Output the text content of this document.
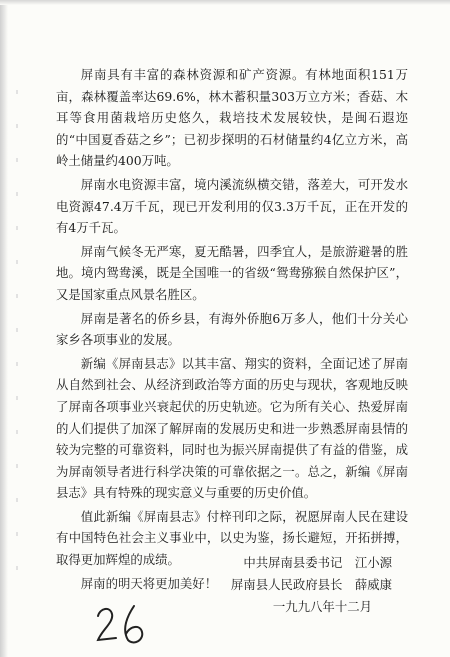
屏南具有丰富的森林资源和矿产资源。有林地面积151万亩，森林覆盖率达69.6%，林木蓄积量303万立方米；香菇、木耳等食用菌栽培历史悠久，栽培技术发展较快，是闽石遐迩的“中国夏香菇之乡”；已初步探明的石材储量约4亿立方米，高岭土储量约400万吨。

屏南水电资源丰富，境内溪流纵横交错，落差大，可开发水电资源47.4万千瓦，现已开发利用的仅3.3万千瓦，正在开发的有4万千瓦。

屏南气候冬无严寒，夏无酷暑，四季宜人，是旅游避暑的胜地。境内鸳鸯溪，既是全国唯一的省级“鸳鸯猕猴自然保护区”，又是国家重点风景名胜区。

屏南是著名的侨乡县，有海外侨胞6万多人，他们十分关心家乡各项事业的发展。

新编《屏南县志》以其丰富、翔实的资料，全面记述了屏南从自然到社会、从经济到政治等方面的历史与现状，客观地反映了屏南各项事业兴衰起伏的历史轨迹。它为所有关心、热爱屏南的人们提供了加深了解屏南的发展历史和进一步熟悉屏南县情的较为完整的可靠资料，同时也为振兴屏南提供了有益的借鉴，成为屏南领导者进行科学决策的可靠依据之一。总之，新编《屏南县志》具有特殊的现实意义与重要的历史价值。

值此新编《屏南县志》付梓刊印之际，祝愿屏南人民在建设有中国特色社会主义事业中，以史为鉴，扬长避短，开拓拼搏，取得更加辉煌的成绩。

屏南的明天将更加美好！

中共屏南县委书记　江小源
屏南县人民政府县长　薛威康
一九九八年十二月
